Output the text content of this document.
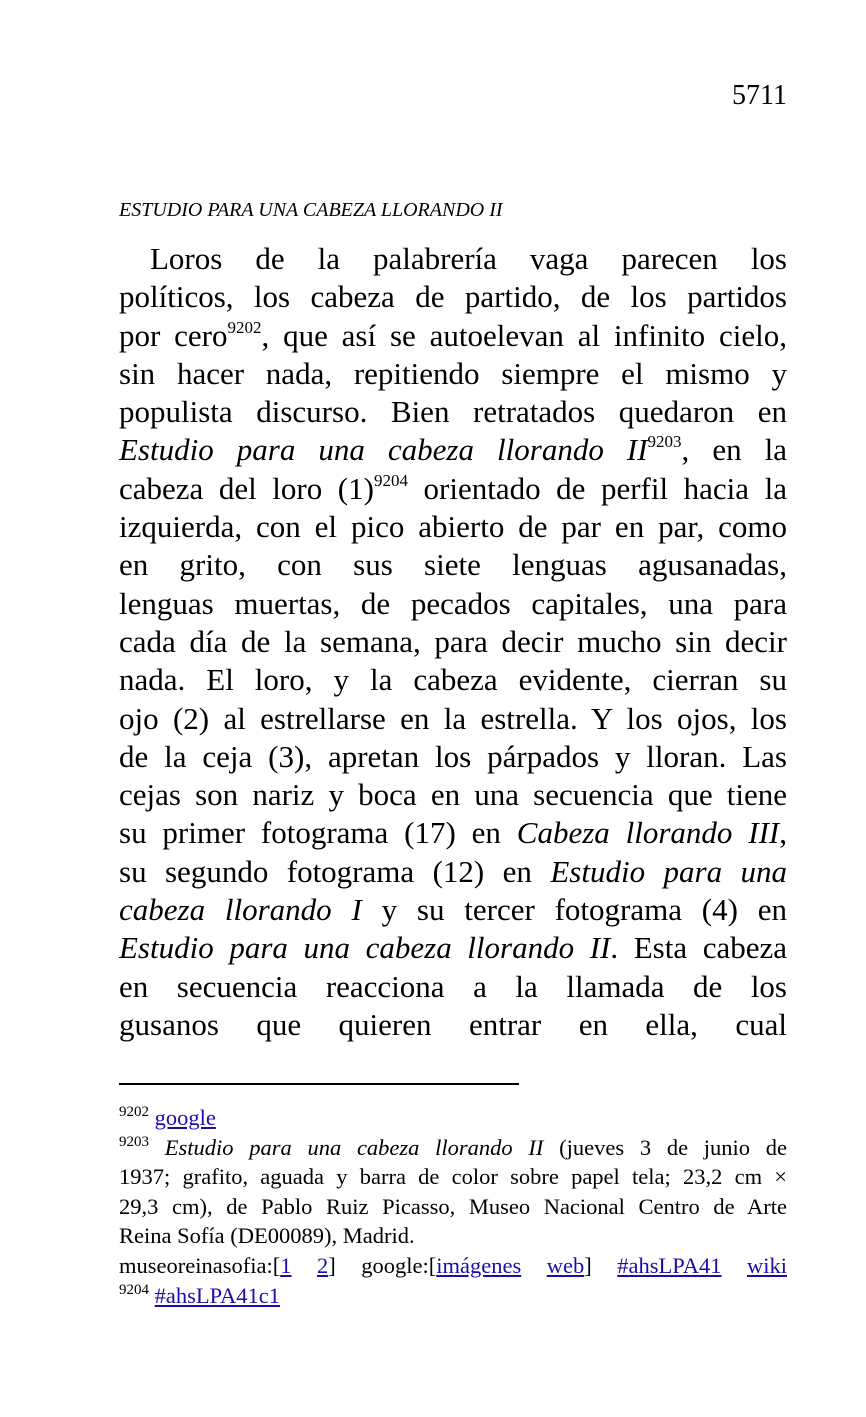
5711
ESTUDIO PARA UNA CABEZA LLORANDO II
Loros de la palabrería vaga parecen los
políticos, los cabeza de partido, de los partidos
por cero$^{9202}$, que así se autoelevan al infinito cielo,
sin hacer nada, repitiendo siempre el mismo y
populista discurso. Bien retratados quedaron en
Estudio para una cabeza llorando $II^{9203}$, en la
cabeza del loro $(1)^{9204}$ orientado de perfil hacia la
izquierda, con el pico abierto de par en par, como
en grito, con sus siete lenguas agusanadas,
lenguas muertas, de pecados capitales, una para
cada día de la semana, para decir mucho sin decir
nada. El loro, y la cabeza evidente, cierran su
ojo (2) al estrellarse en la estrella. Y los ojos, los
de la ceja (3), apretan los párpados y lloran. Las
cejas son nariz y boca en una secuencia que tiene
su primer fotograma (17) en Cabeza llorando III,
su segundo fotograma (12) en Estudio para una
cabeza llorando I y su tercer fotograma (4) en
Estudio para una cabeza llorando II. Esta cabeza
en secuencia reacciona a la llamada de los
gusanos que quieren entrar en ella, cual
$^{9202}$ google
$^{9203}$ Estudio para una cabeza llorando II (jueves 3 de junio de
1937; grafito, aguada y barra de color sobre papel tela; 23,2 cm ×
29,3 cm), de Pablo Ruiz Picasso, Museo Nacional Centro de Arte
Reina Sofía (DE00089), Madrid.
museoreinasofia:[1 2] google:[imágenes web] #ahsLPA41 wiki
$^{9204}$ #ahsLPA41c1
